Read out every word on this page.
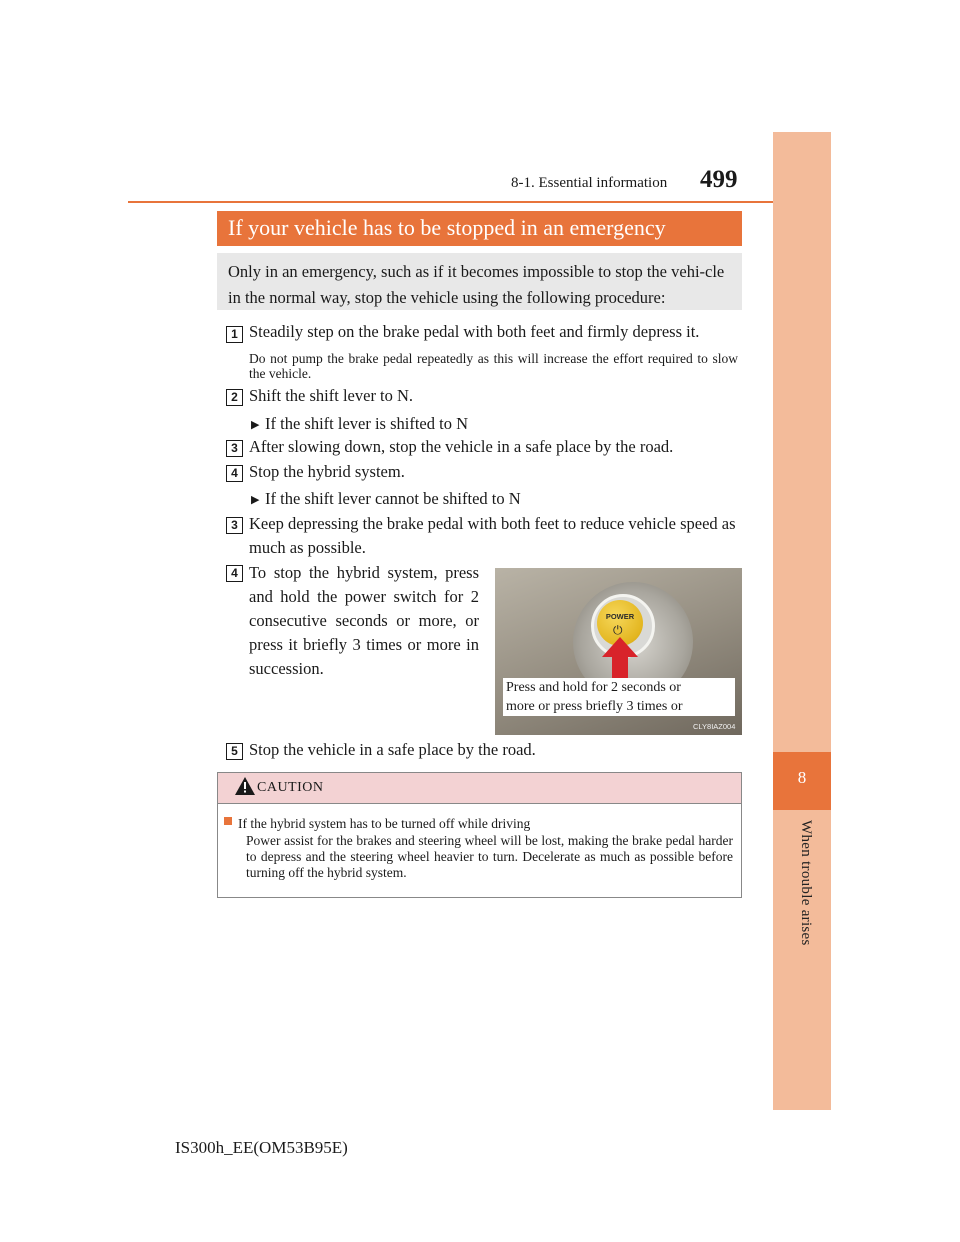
8
When trouble arises
8-1. Essential information 499
If your vehicle has to be stopped in an emergency
Only in an emergency, such as if it becomes impossible to stop the vehi-cle in the normal way, stop the vehicle using the following procedure:
1 Steadily step on the brake pedal with both feet and firmly depress it.
Do not pump the brake pedal repeatedly as this will increase the effort required to slow the vehicle.
2 Shift the shift lever to N.
▶ If the shift lever is shifted to N
3 After slowing down, stop the vehicle in a safe place by the road.
4 Stop the hybrid system.
▶ If the shift lever cannot be shifted to N
3 Keep depressing the brake pedal with both feet to reduce vehicle speed as much as possible.
4 To stop the hybrid system, press and hold the power switch for 2 consecutive seconds or more, or press it briefly 3 times or more in succession.
POWER
⏻
Press and hold for 2 seconds or
more or press briefly 3 times or
CLY8IAZ004
5 Stop the vehicle in a safe place by the road.
CAUTION
If the hybrid system has to be turned off while driving
Power assist for the brakes and steering wheel will be lost, making the brake pedal harder to depress and the steering wheel heavier to turn. Decelerate as much as possible before turning off the hybrid system.
IS300h_EE(OM53B95E)
